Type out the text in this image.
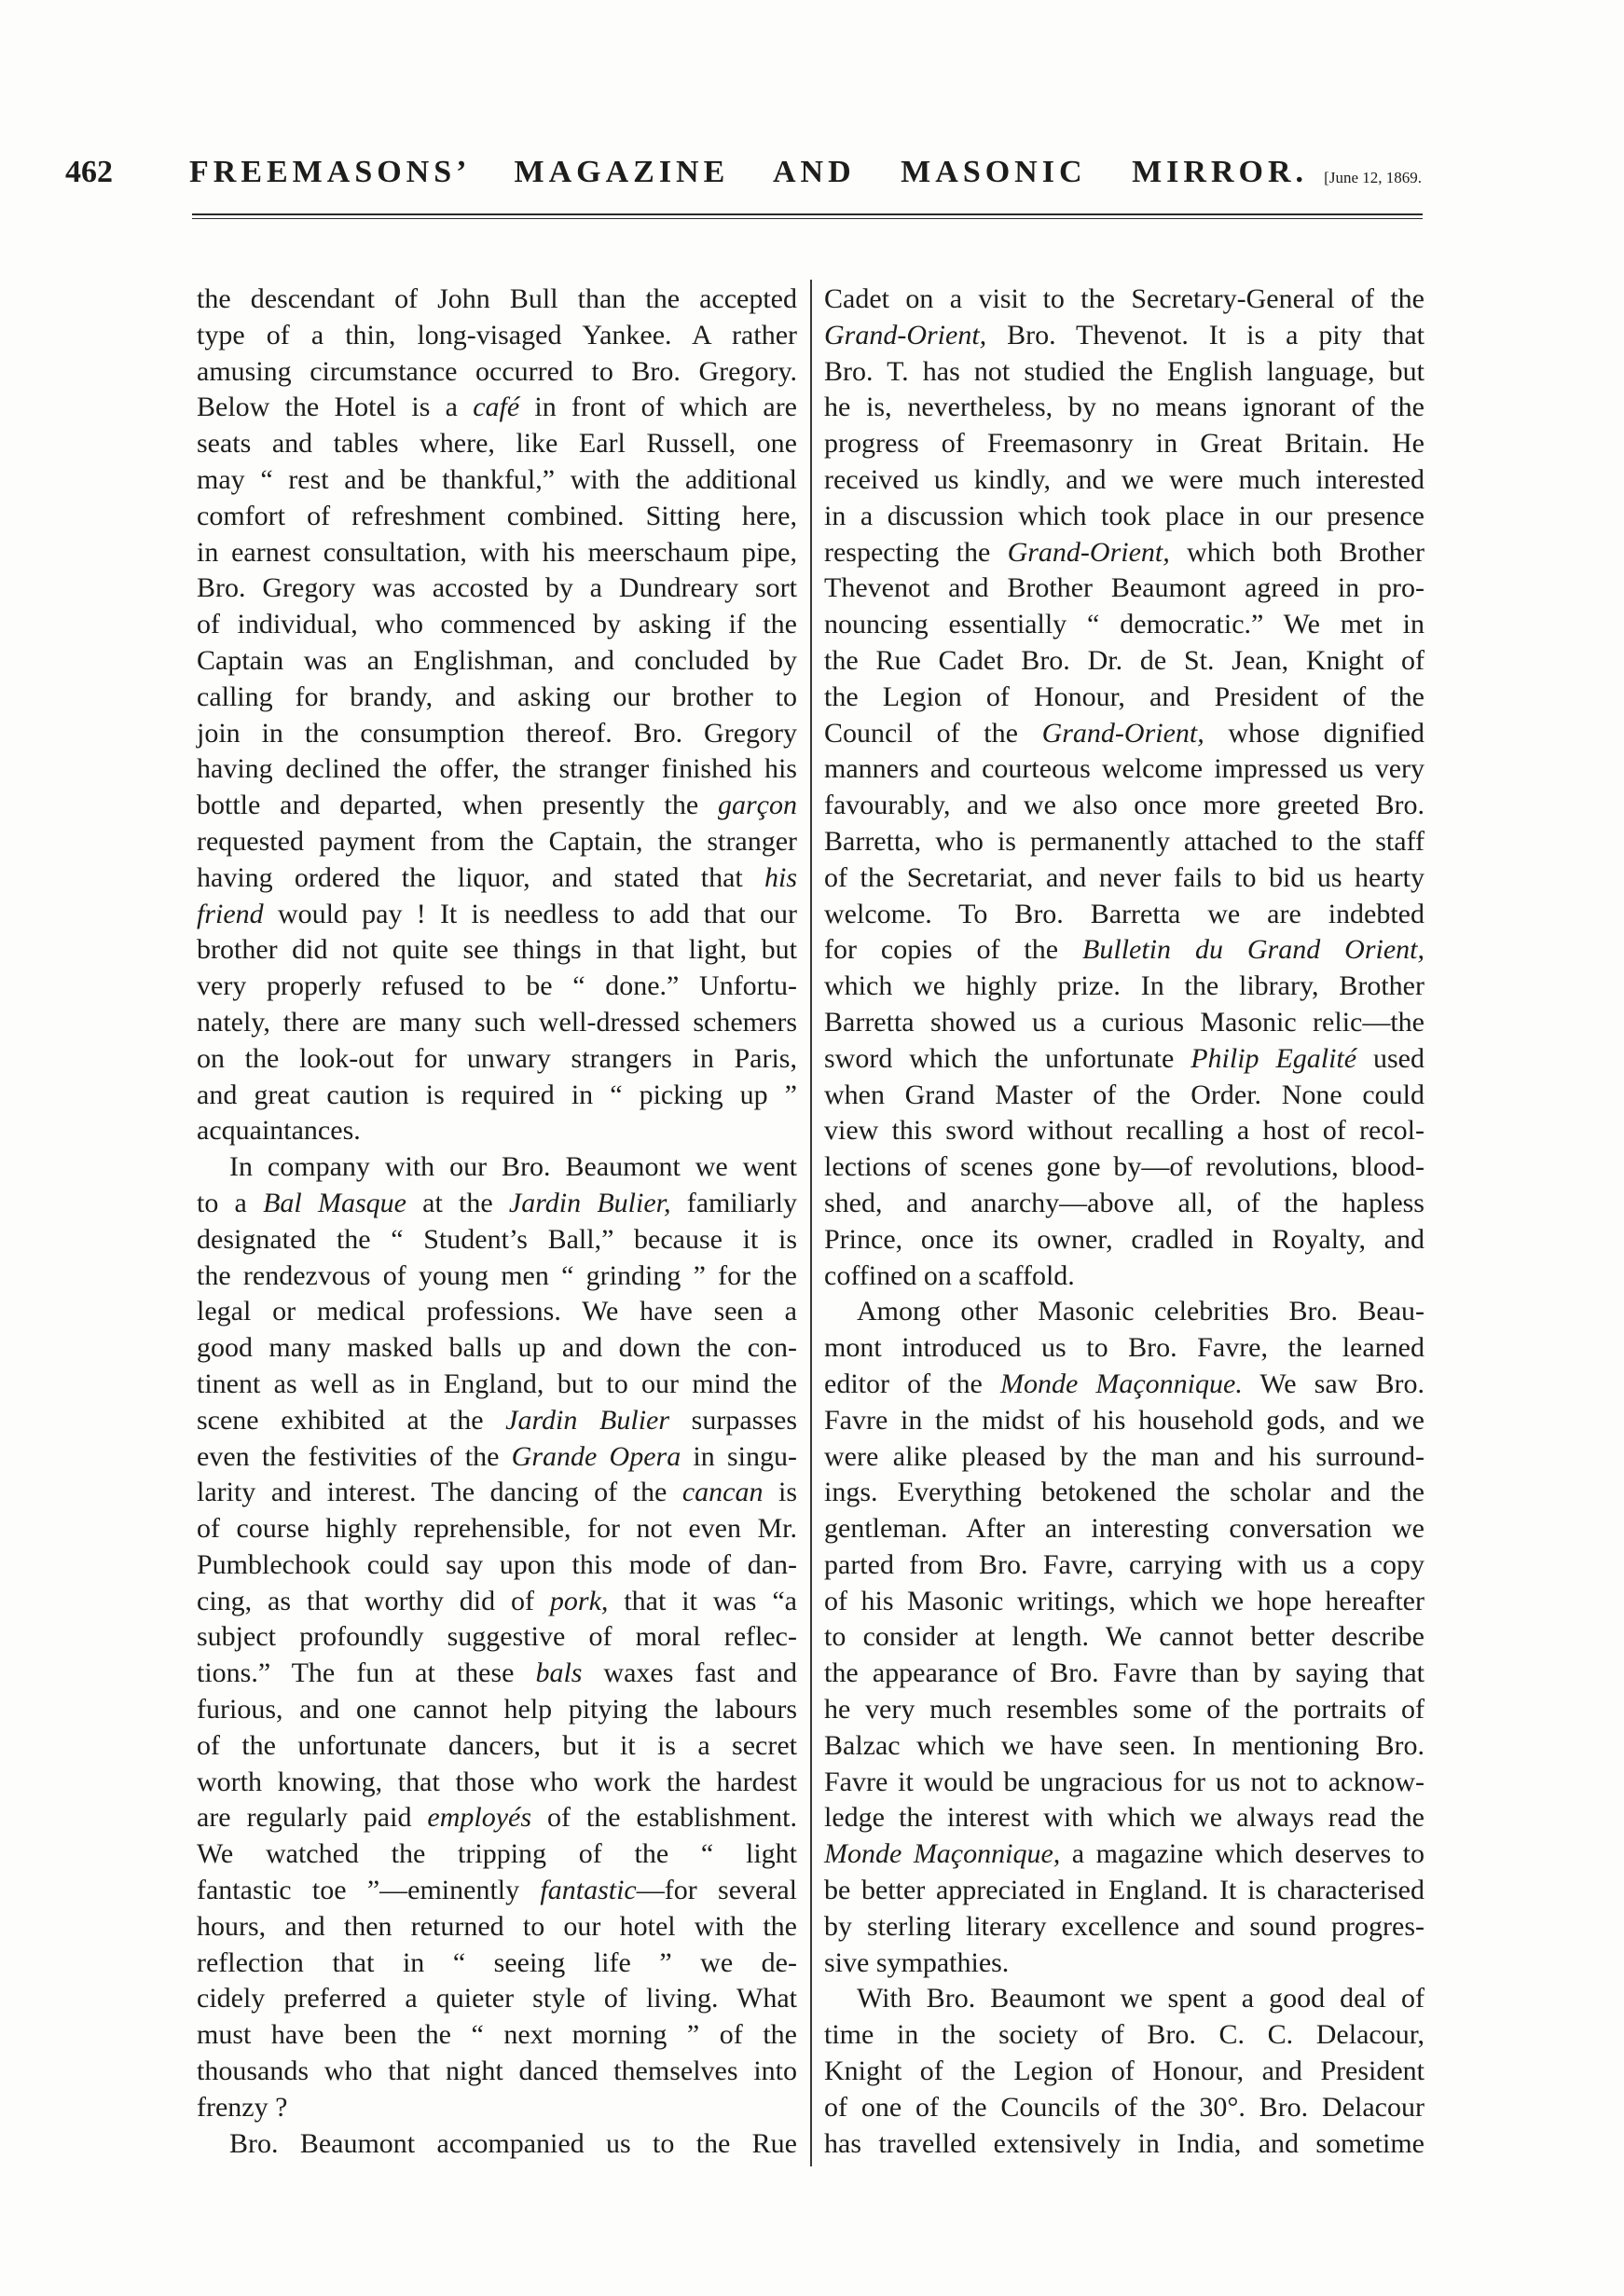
462 FREEMASONS’ MAGAZINE AND MASONIC MIRROR.	[June 12, 1869.
the descendant of John Bull than the accepted
type of a thin, long-visaged Yankee. A rather
amusing circumstance occurred to Bro. Gregory.
Below the Hotel is a café in front of which are
seats and tables where, like Earl Russell, one
may “ rest and be thankful,” with the additional
comfort of refreshment combined. Sitting here,
in earnest consultation, with his meerschaum pipe,
Bro. Gregory was accosted by a Dundreary sort
of individual, who commenced by asking if the
Captain was an Englishman, and concluded by
calling for brandy, and asking our brother to
join in the consumption thereof. Bro. Gregory
having declined the offer, the stranger finished his
bottle and departed, when presently the garçon
requested payment from the Captain, the stranger
having ordered the liquor, and stated that his
friend would pay ! It is needless to add that our
brother did not quite see things in that light, but
very properly refused to be “ done.” Unfortu-
nately, there are many such well-dressed schemers
on the look-out for unwary strangers in Paris,
and great caution is required in “ picking up ”
acquaintances.
In company with our Bro. Beaumont we went
to a Bal Masque at the Jardin Bulier, familiarly
designated the “ Student’s Ball,” because it is
the rendezvous of young men “ grinding ” for the
legal or medical professions. We have seen a
good many masked balls up and down the con-
tinent as well as in England, but to our mind the
scene exhibited at the Jardin Bulier surpasses
even the festivities of the Grande Opera in singu-
larity and interest. The dancing of the cancan is
of course highly reprehensible, for not even Mr.
Pumblechook could say upon this mode of dan-
cing, as that worthy did of pork, that it was “a
subject profoundly suggestive of moral reflec-
tions.” The fun at these bals waxes fast and
furious, and one cannot help pitying the labours
of the unfortunate dancers, but it is a secret
worth knowing, that those who work the hardest
are regularly paid employés of the establishment.
We watched the tripping of the “ light
fantastic toe ”—eminently fantastic—for several
hours, and then returned to our hotel with the
reflection that in “ seeing life ” we de-
cidely preferred a quieter style of living. What
must have been the “ next morning ” of the
thousands who that night danced themselves into
frenzy ?
Bro. Beaumont accompanied us to the Rue
Cadet on a visit to the Secretary-General of the
Grand-Orient, Bro. Thevenot. It is a pity that
Bro. T. has not studied the English language, but
he is, nevertheless, by no means ignorant of the
progress of Freemasonry in Great Britain. He
received us kindly, and we were much interested
in a discussion which took place in our presence
respecting the Grand-Orient, which both Brother
Thevenot and Brother Beaumont agreed in pro-
nouncing essentially “ democratic.” We met in
the Rue Cadet Bro. Dr. de St. Jean, Knight of
the Legion of Honour, and President of the
Council of the Grand-Orient, whose dignified
manners and courteous welcome impressed us very
favourably, and we also once more greeted Bro.
Barretta, who is permanently attached to the staff
of the Secretariat, and never fails to bid us hearty
welcome. To Bro. Barretta we are indebted
for copies of the Bulletin du Grand Orient,
which we highly prize. In the library, Brother
Barretta showed us a curious Masonic relic—the
sword which the unfortunate Philip Egalité used
when Grand Master of the Order. None could
view this sword without recalling a host of recol-
lections of scenes gone by—of revolutions, blood-
shed, and anarchy—above all, of the hapless
Prince, once its owner, cradled in Royalty, and
coffined on a scaffold.
Among other Masonic celebrities Bro. Beau-
mont introduced us to Bro. Favre, the learned
editor of the Monde Maçonnique. We saw Bro.
Favre in the midst of his household gods, and we
were alike pleased by the man and his surround-
ings. Everything betokened the scholar and the
gentleman. After an interesting conversation we
parted from Bro. Favre, carrying with us a copy
of his Masonic writings, which we hope hereafter
to consider at length. We cannot better describe
the appearance of Bro. Favre than by saying that
he very much resembles some of the portraits of
Balzac which we have seen. In mentioning Bro.
Favre it would be ungracious for us not to acknow-
ledge the interest with which we always read the
Monde Maçonnique, a magazine which deserves to
be better appreciated in England. It is characterised
by sterling literary excellence and sound progres-
sive sympathies.
With Bro. Beaumont we spent a good deal of
time in the society of Bro. C. C. Delacour,
Knight of the Legion of Honour, and President
of one of the Councils of the 30°. Bro. Delacour
has travelled extensively in India, and sometime
